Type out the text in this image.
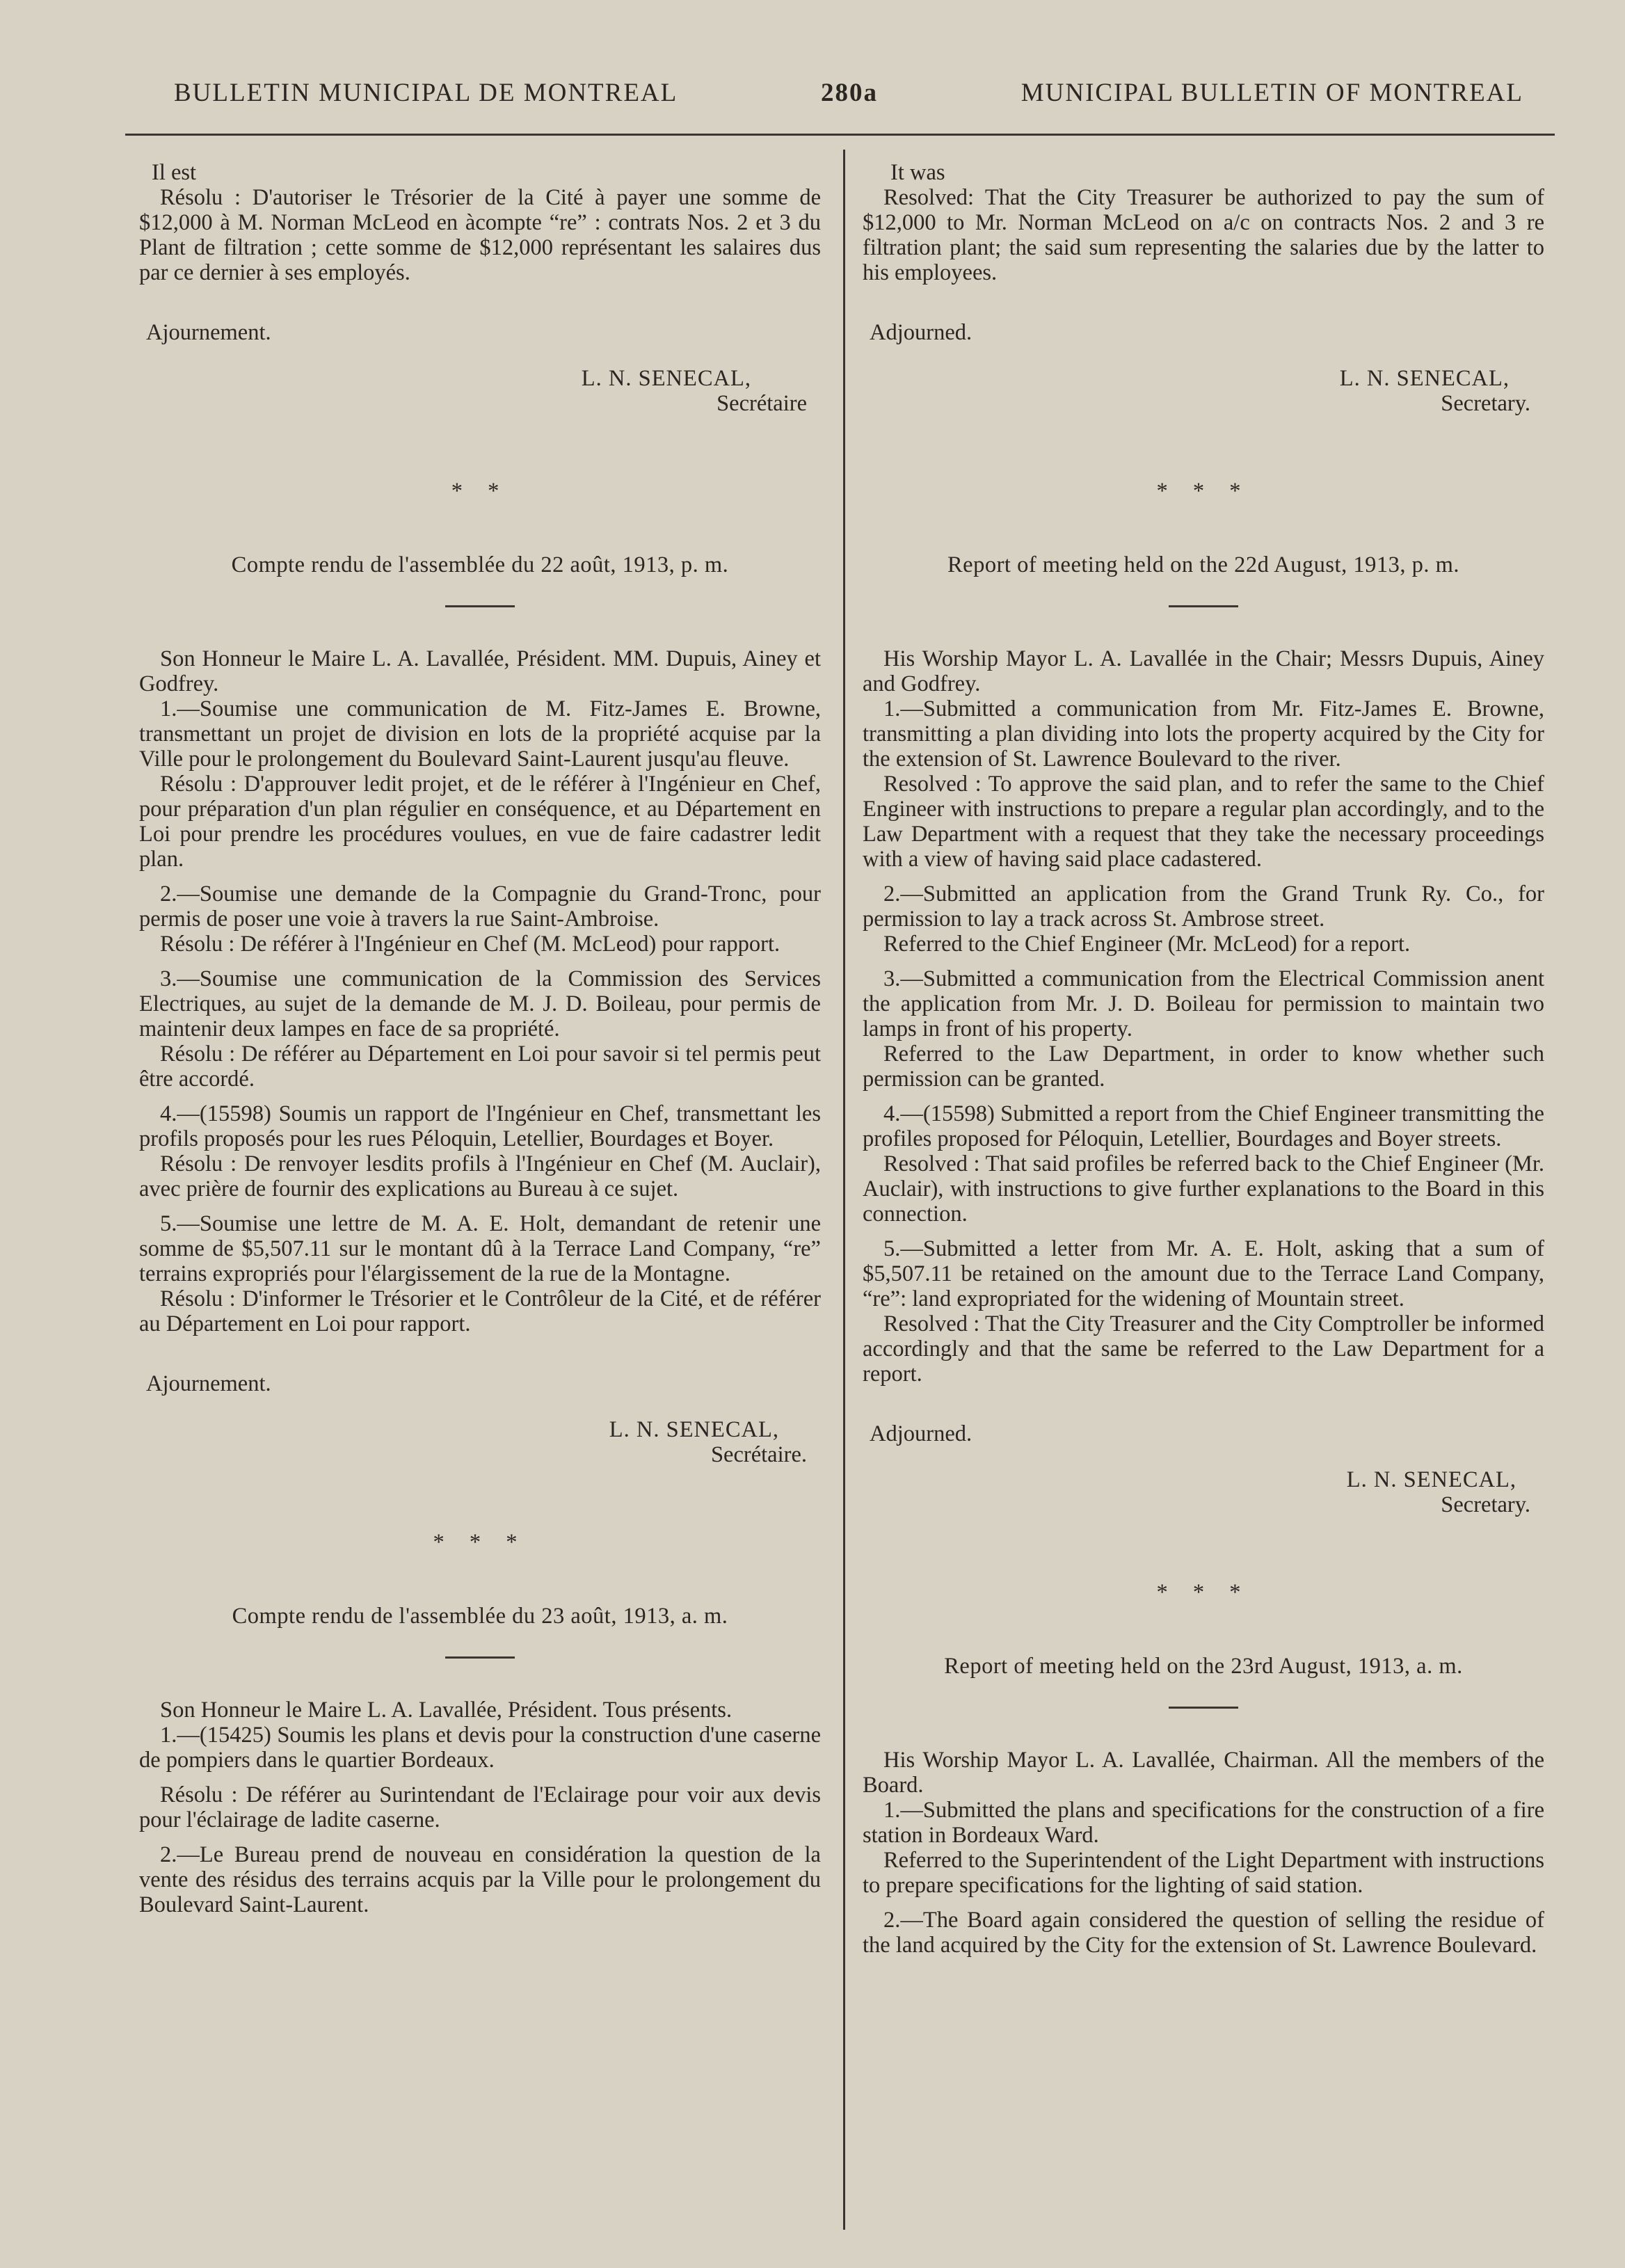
BULLETIN MUNICIPAL DE MONTREAL	280a	MUNICIPAL BULLETIN OF MONTREAL

Il est

Résolu : D'autoriser le Trésorier de la Cité à payer une somme de $12,000 à M. Norman McLeod en àcompte “re” : contrats Nos. 2 et 3 du Plant de filtration ; cette somme de $12,000 représentant les salaires dus par ce dernier à ses employés.

Ajournement.

L. N. SENECAL,

Secrétaire

* *

Compte rendu de l'assemblée du 22 août, 1913, p. m.

Son Honneur le Maire L. A. Lavallée, Président. MM. Dupuis, Ainey et Godfrey.

1.—Soumise une communication de M. Fitz-James E. Browne, transmettant un projet de division en lots de la propriété acquise par la Ville pour le prolongement du Boulevard Saint-Laurent jusqu'au fleuve.

Résolu : D'approuver ledit projet, et de le référer à l'Ingénieur en Chef, pour préparation d'un plan régulier en conséquence, et au Département en Loi pour prendre les procédures voulues, en vue de faire cadastrer ledit plan.

2.—Soumise une demande de la Compagnie du Grand-Tronc, pour permis de poser une voie à travers la rue Saint-Ambroise.

Résolu : De référer à l'Ingénieur en Chef (M. McLeod) pour rapport.

3.—Soumise une communication de la Commission des Services Electriques, au sujet de la demande de M. J. D. Boileau, pour permis de maintenir deux lampes en face de sa propriété.

Résolu : De référer au Département en Loi pour savoir si tel permis peut être accordé.

4.—(15598) Soumis un rapport de l'Ingénieur en Chef, transmettant les profils proposés pour les rues Péloquin, Letellier, Bourdages et Boyer.

Résolu : De renvoyer lesdits profils à l'Ingénieur en Chef (M. Auclair), avec prière de fournir des explications au Bureau à ce sujet.

5.—Soumise une lettre de M. A. E. Holt, demandant de retenir une somme de $5,507.11 sur le montant dû à la Terrace Land Company, “re” terrains expropriés pour l'élargissement de la rue de la Montagne.

Résolu : D'informer le Trésorier et le Contrôleur de la Cité, et de référer au Département en Loi pour rapport.

Ajournement.

L. N. SENECAL,

Secrétaire.

* * *

Compte rendu de l'assemblée du 23 août, 1913, a. m.

Son Honneur le Maire L. A. Lavallée, Président. Tous présents.

1.—(15425) Soumis les plans et devis pour la construction d'une caserne de pompiers dans le quartier Bordeaux.

Résolu : De référer au Surintendant de l'Eclairage pour voir aux devis pour l'éclairage de ladite caserne.

2.—Le Bureau prend de nouveau en considération la question de la vente des résidus des terrains acquis par la Ville pour le prolongement du Boulevard Saint-Laurent.

It was

Resolved: That the City Treasurer be authorized to pay the sum of $12,000 to Mr. Norman McLeod on a/c on contracts Nos. 2 and 3 re filtration plant; the said sum representing the salaries due by the latter to his employees.

Adjourned.

L. N. SENECAL,

Secretary.

* * *

Report of meeting held on the 22d August, 1913, p. m.

His Worship Mayor L. A. Lavallée in the Chair; Messrs Dupuis, Ainey and Godfrey.

1.—Submitted a communication from Mr. Fitz-James E. Browne, transmitting a plan dividing into lots the property acquired by the City for the extension of St. Lawrence Boulevard to the river.

Resolved : To approve the said plan, and to refer the same to the Chief Engineer with instructions to prepare a regular plan accordingly, and to the Law Department with a request that they take the necessary proceedings with a view of having said place cadastered.

2.—Submitted an application from the Grand Trunk Ry. Co., for permission to lay a track across St. Ambrose street.

Referred to the Chief Engineer (Mr. McLeod) for a report.

3.—Submitted a communication from the Electrical Commission anent the application from Mr. J. D. Boileau for permission to maintain two lamps in front of his property.

Referred to the Law Department, in order to know whether such permission can be granted.

4.—(15598) Submitted a report from the Chief Engineer transmitting the profiles proposed for Péloquin, Letellier, Bourdages and Boyer streets.

Resolved : That said profiles be referred back to the Chief Engineer (Mr. Auclair), with instructions to give further explanations to the Board in this connection.

5.—Submitted a letter from Mr. A. E. Holt, asking that a sum of $5,507.11 be retained on the amount due to the Terrace Land Company, “re”: land expropriated for the widening of Mountain street.

Resolved : That the City Treasurer and the City Comptroller be informed accordingly and that the same be referred to the Law Department for a report.

Adjourned.

L. N. SENECAL,

Secretary.

* * *

Report of meeting held on the 23rd August, 1913, a. m.

His Worship Mayor L. A. Lavallée, Chairman. All the members of the Board.

1.—Submitted the plans and specifications for the construction of a fire station in Bordeaux Ward.

Referred to the Superintendent of the Light Department with instructions to prepare specifications for the lighting of said station.

2.—The Board again considered the question of selling the residue of the land acquired by the City for the extension of St. Lawrence Boulevard.
